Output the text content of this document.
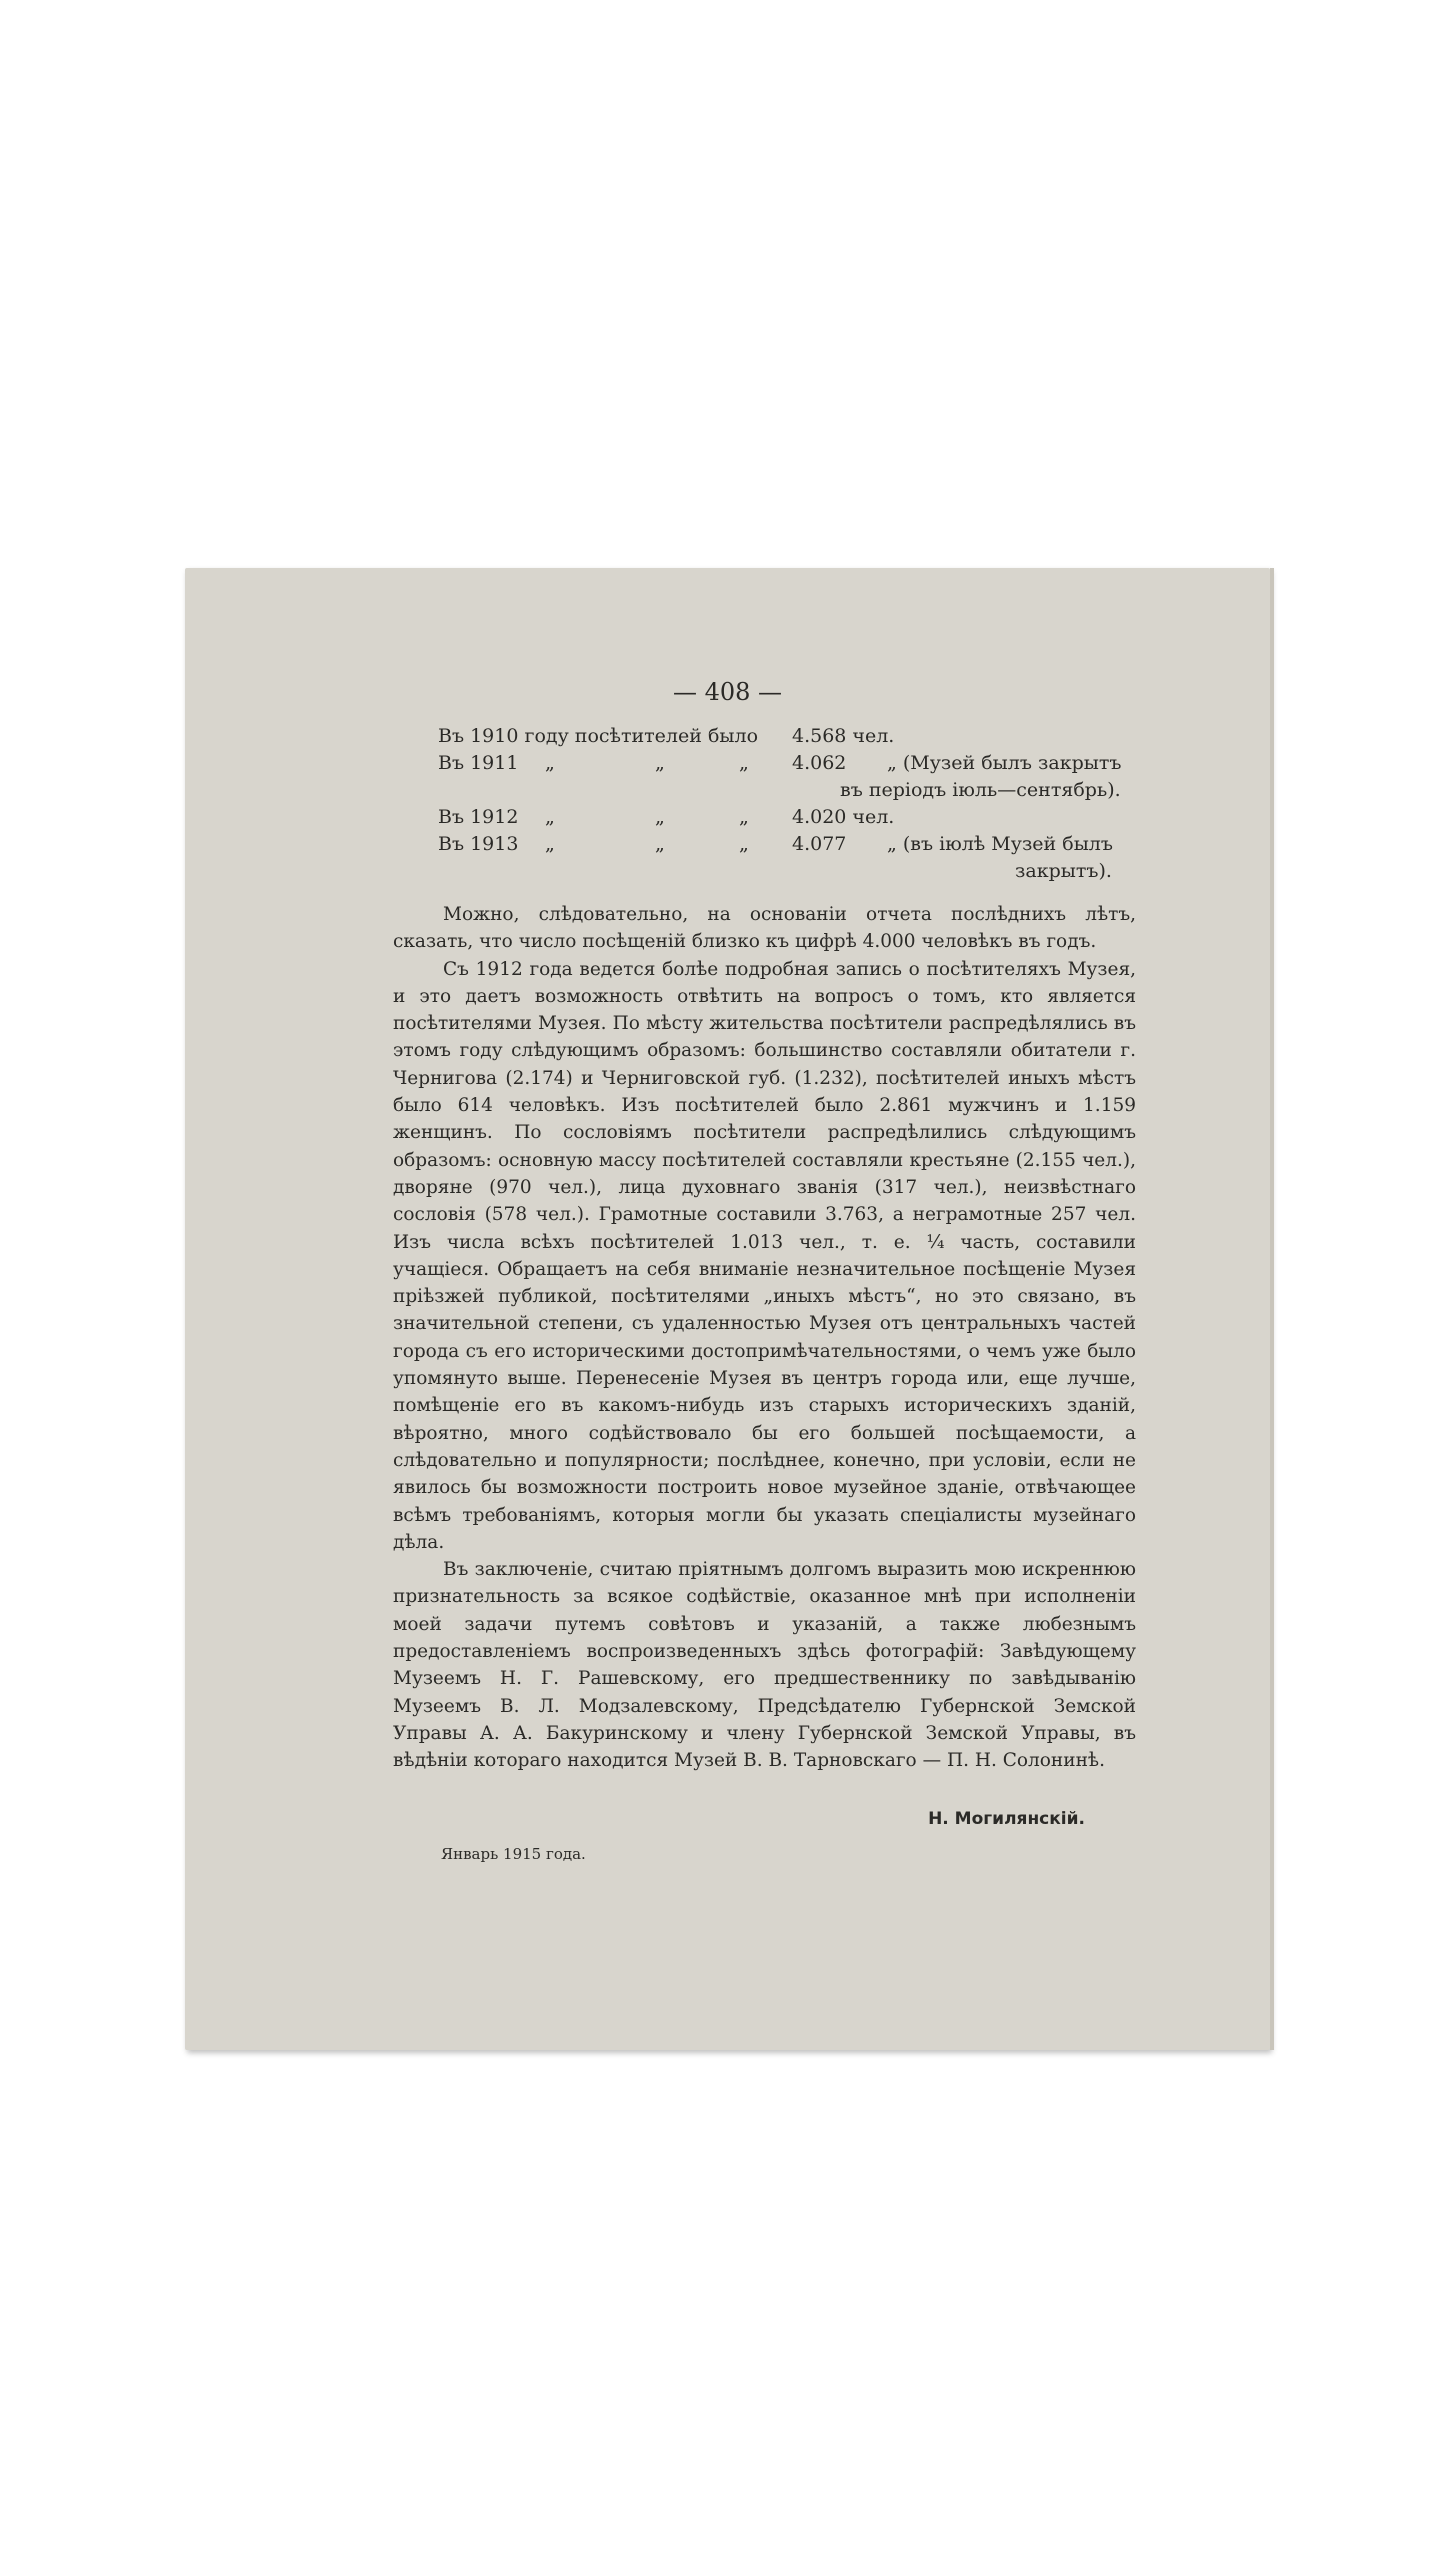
— 408 —
Въ 1910 году посѣтителей было 4.568 чел.
Въ 1911 „	„	„ 4.062 „ (Музей былъ закрытъ
въ періодъ іюль—сентябрь).
Въ 1912 „	„	„ 4.020 чел.
Въ 1913 „	„	„ 4.077 „ (въ іюлѣ Музей былъ
закрытъ).

Можно, слѣдовательно, на основаніи отчета послѣднихъ лѣтъ, сказать, что число посѣщеній близко къ цифрѣ 4.000 человѣкъ въ годъ.

Съ 1912 года ведется болѣе подробная запись о посѣтителяхъ Музея, и это даетъ возможность отвѣтить на вопросъ о томъ, кто является посѣтителями Музея. По мѣсту жительства посѣтители распредѣлялись въ этомъ году слѣдующимъ образомъ: большинство составляли обитатели г. Чернигова (2.174) и Черниговской губ. (1.232), посѣтителей иныхъ мѣстъ было 614 человѣкъ. Изъ посѣтителей было 2.861 мужчинъ и 1.159 женщинъ. По сословіямъ посѣтители распредѣлились слѣдующимъ образомъ: основную массу посѣтителей составляли крестьяне (2.155 чел.), дворяне (970 чел.), лица духовнаго званія (317 чел.), неизвѣстнаго сословія (578 чел.). Грамотные составили 3.763, а неграмотные 257 чел. Изъ числа всѣхъ посѣтителей 1.013 чел., т. е. ¼ часть, составили учащіеся. Обращаетъ на себя вниманіе незначительное посѣщеніе Музея пріѣзжей публикой, посѣтителями „иныхъ мѣстъ“, но это связано, въ значительной степени, съ удаленностью Музея отъ центральныхъ частей города съ его историческими достопримѣчательностями, о чемъ уже было упомянуто выше. Перенесеніе Музея въ центръ города или, еще лучше, помѣщеніе его въ какомъ-нибудь изъ старыхъ историческихъ зданій, вѣроятно, много содѣйствовало бы его большей посѣщаемости, а слѣдовательно и популярности; послѣднее, конечно, при условіи, если не явилось бы возможности построить новое музейное зданіе, отвѣчающее всѣмъ требованіямъ, которыя могли бы указать спеціалисты музейнаго дѣла.

Въ заключеніе, считаю пріятнымъ долгомъ выразить мою искреннюю признательность за всякое содѣйствіе, оказанное мнѣ при исполненіи моей задачи путемъ совѣтовъ и указаній, а также любезнымъ предоставленіемъ воспроизведенныхъ здѣсь фотографій: Завѣдующему Музеемъ Н. Г. Рашевскому, его предшественнику по завѣдыванію Музеемъ В. Л. Модзалевскому, Предсѣдателю Губернской Земской Управы А. А. Бакуринскому и члену Губернской Земской Управы, въ вѣдѣніи котораго находится Музей В. В. Тарновскаго — П. Н. Солонинѣ.

Н. Могилянскій.
Январь 1915 года.
